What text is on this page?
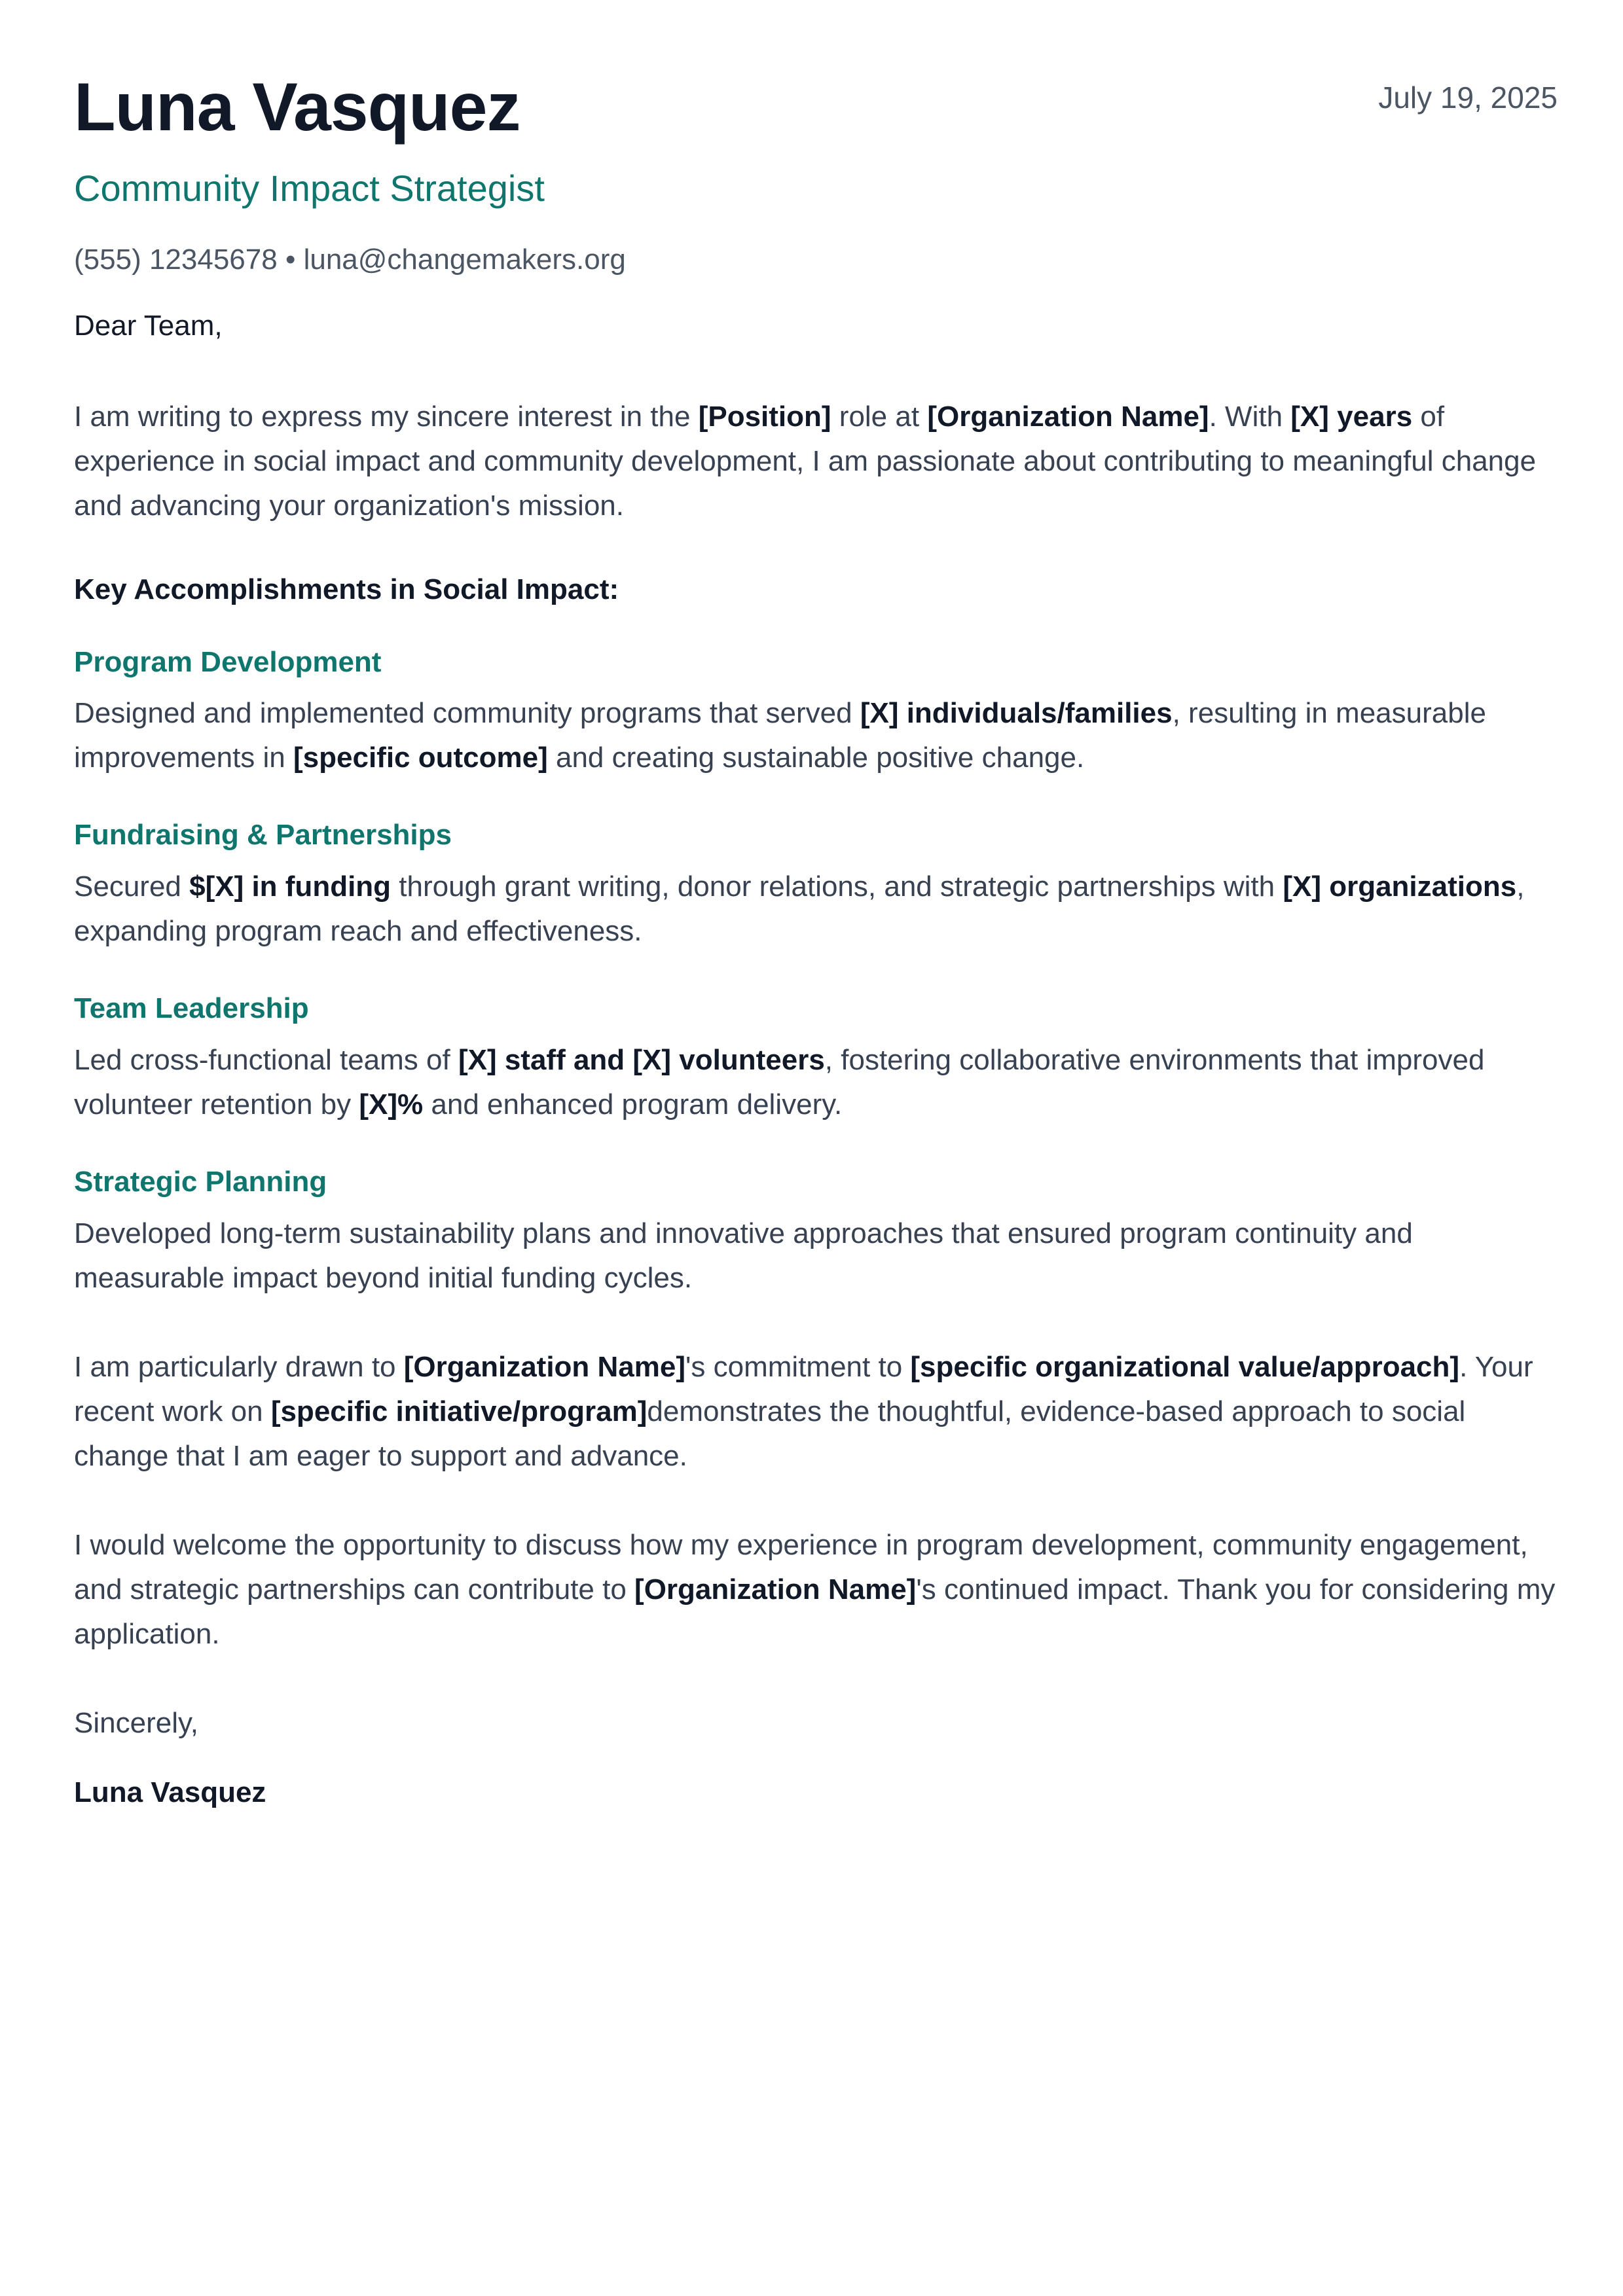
Luna Vasquez	July 19, 2025
Community Impact Strategist
(555) 12345678 • luna@changemakers.org
Dear Team,

I am writing to express my sincere interest in the [Position] role at [Organization Name]. With [X] years of experience in social impact and community development, I am passionate about contributing to meaningful change and advancing your organization's mission.

Key Accomplishments in Social Impact:
Program Development

Designed and implemented community programs that served [X] individuals/families, resulting in measurable improvements in [specific outcome] and creating sustainable positive change.

Fundraising & Partnerships

Secured $[X] in funding through grant writing, donor relations, and strategic partnerships with [X] organizations, expanding program reach and effectiveness.

Team Leadership

Led cross-functional teams of [X] staff and [X] volunteers, fostering collaborative environments that improved volunteer retention by [X]% and enhanced program delivery.

Strategic Planning

Developed long-term sustainability plans and innovative approaches that ensured program continuity and measurable impact beyond initial funding cycles.

I am particularly drawn to [Organization Name]'s commitment to [specific organizational value/approach]. Your recent work on [specific initiative/program]demonstrates the thoughtful, evidence-based approach to social change that I am eager to support and advance.

I would welcome the opportunity to discuss how my experience in program development, community engagement, and strategic partnerships can contribute to [Organization Name]'s continued impact. Thank you for considering my application.

Sincerely,
Luna Vasquez
